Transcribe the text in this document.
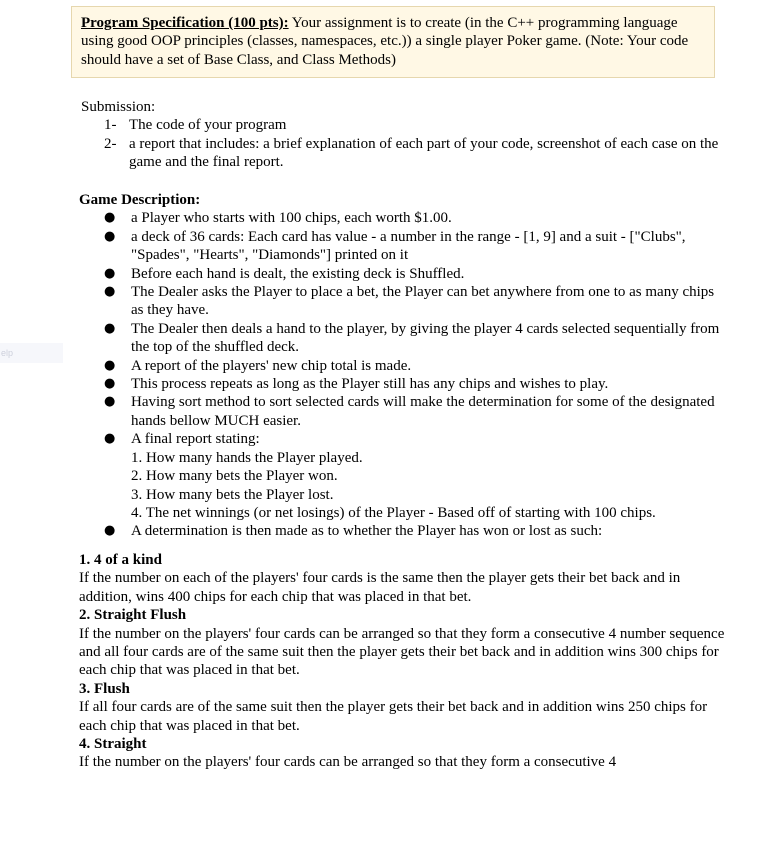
Program Specification (100 pts): Your assignment is to create (in the C++ programming language using good OOP principles (classes, namespaces, etc.)) a single player Poker game. (Note: Your code should have a set of Base Class, and Class Methods)
elp
Submission:
1- The code of your program
2- a report that includes: a brief explanation of each part of your code, screenshot of each case on the game and the final report.
Game Description:
● a Player who starts with 100 chips, each worth $1.00.
● a deck of 36 cards: Each card has value - a number in the range - [1, 9] and a suit - ["Clubs", "Spades", "Hearts", "Diamonds"] printed on it
● Before each hand is dealt, the existing deck is Shuffled.
● The Dealer asks the Player to place a bet, the Player can bet anywhere from one to as many chips as they have.
● The Dealer then deals a hand to the player, by giving the player 4 cards selected sequentially from the top of the shuffled deck.
● A report of the players' new chip total is made.
● This process repeats as long as the Player still has any chips and wishes to play.
● Having sort method to sort selected cards will make the determination for some of the designated hands bellow MUCH easier.
● A final report stating:
1. How many hands the Player played.
2. How many bets the Player won.
3. How many bets the Player lost.
4. The net winnings (or net losings) of the Player - Based off of starting with 100 chips.
● A determination is then made as to whether the Player has won or lost as such:
1. 4 of a kind
If the number on each of the players' four cards is the same then the player gets their bet back and in addition, wins 400 chips for each chip that was placed in that bet.
2. Straight Flush
If the number on the players' four cards can be arranged so that they form a consecutive 4 number sequence and all four cards are of the same suit then the player gets their bet back and in addition wins 300 chips for each chip that was placed in that bet.
3. Flush
If all four cards are of the same suit then the player gets their bet back and in addition wins 250 chips for each chip that was placed in that bet.
4. Straight
If the number on the players' four cards can be arranged so that they form a consecutive 4
